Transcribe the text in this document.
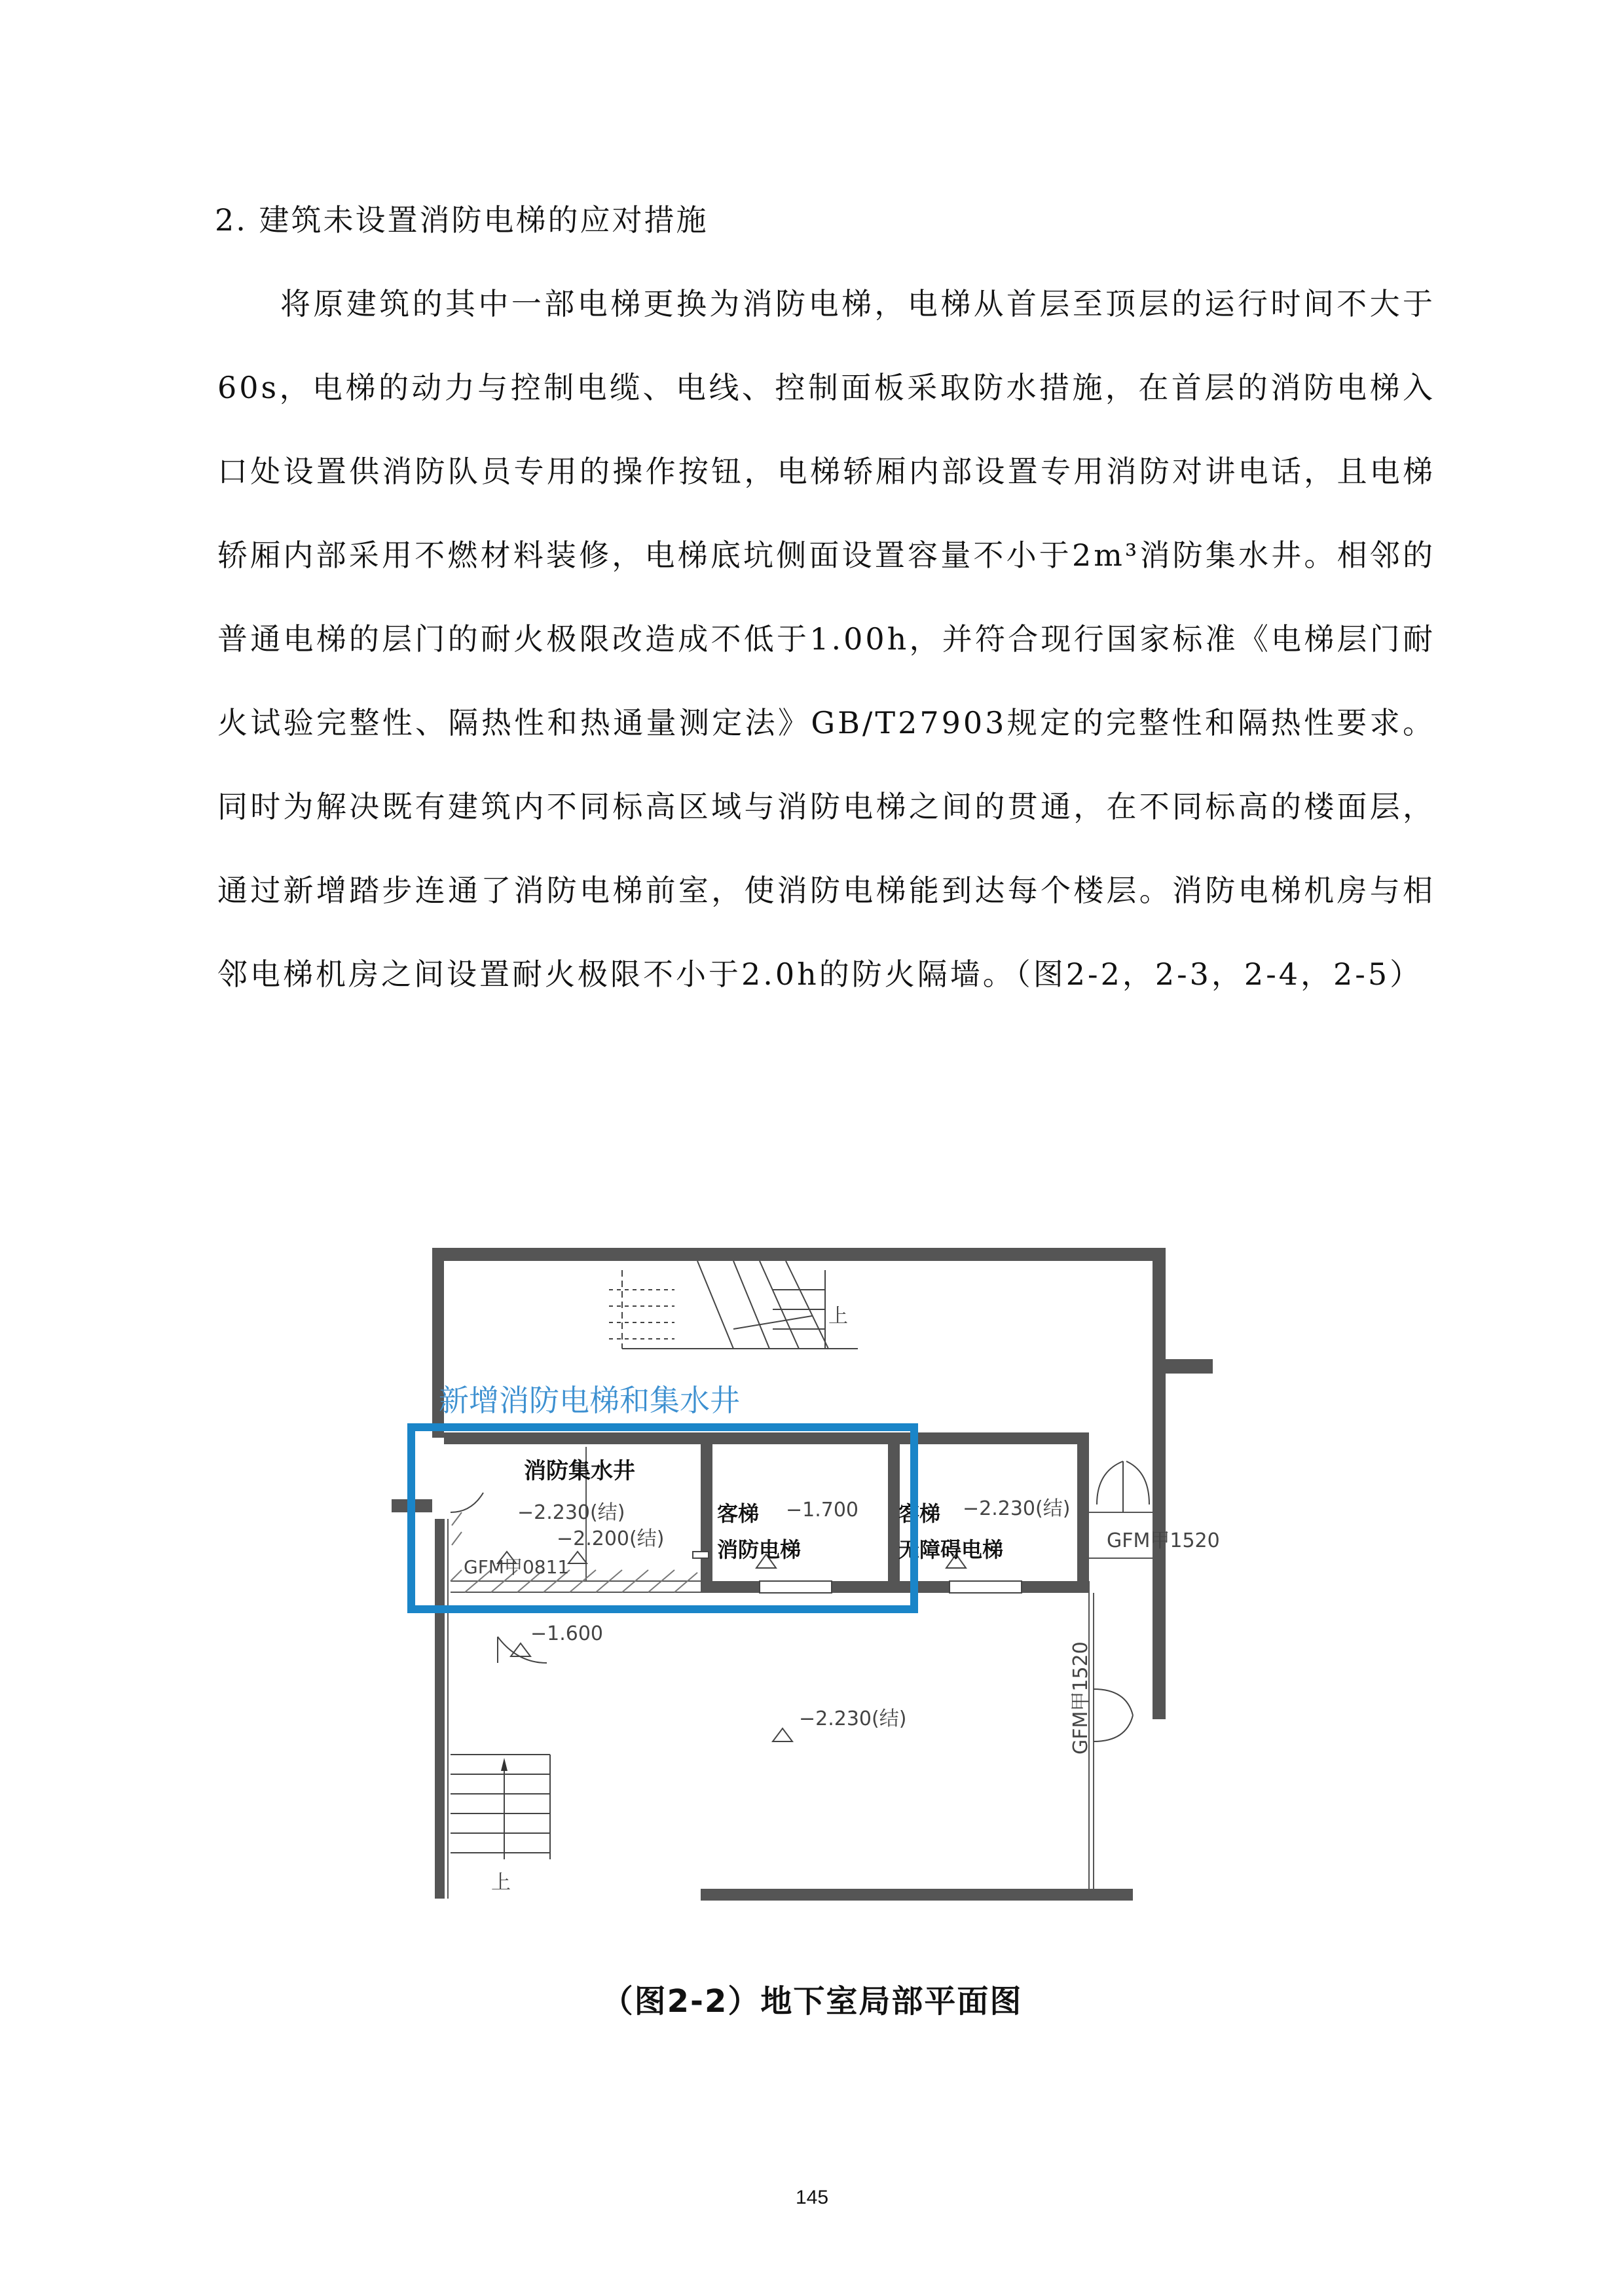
2. 建筑未设置消防电梯的应对措施

将原建筑的其中一部电梯更换为消防电梯，电梯从首层至顶层的运行时间不大于60s，电梯的动力与控制电缆、电线、控制面板采取防水措施，在首层的消防电梯入口处设置供消防队员专用的操作按钮，电梯轿厢内部设置专用消防对讲电话，且电梯轿厢内部采用不燃材料装修，电梯底坑侧面设置容量不小于2m³消防集水井。相邻的普通电梯的层门的耐火极限改造成不低于1.00h，并符合现行国家标准《电梯层门耐火试验完整性、隔热性和热通量测定法》GB/T27903规定的完整性和隔热性要求。同时为解决既有建筑内不同标高区域与消防电梯之间的贯通，在不同标高的楼面层，通过新增踏步连通了消防电梯前室，使消防电梯能到达每个楼层。消防电梯机房与相邻电梯机房之间设置耐火极限不小于2.0h的防火隔墙。（图2-2，2-3，2-4，2-5）

上
上
消防集水井
客梯
消防电梯
客梯
无障碍电梯
−2.230(结)
−2.200(结)
−1.700	−2.230(结)
−1.600
−2.230(结)
GFM甲0811
GFM甲1520
GFM甲1520
新增消防电梯和集水井
（图2-2）地下室局部平面图
145
